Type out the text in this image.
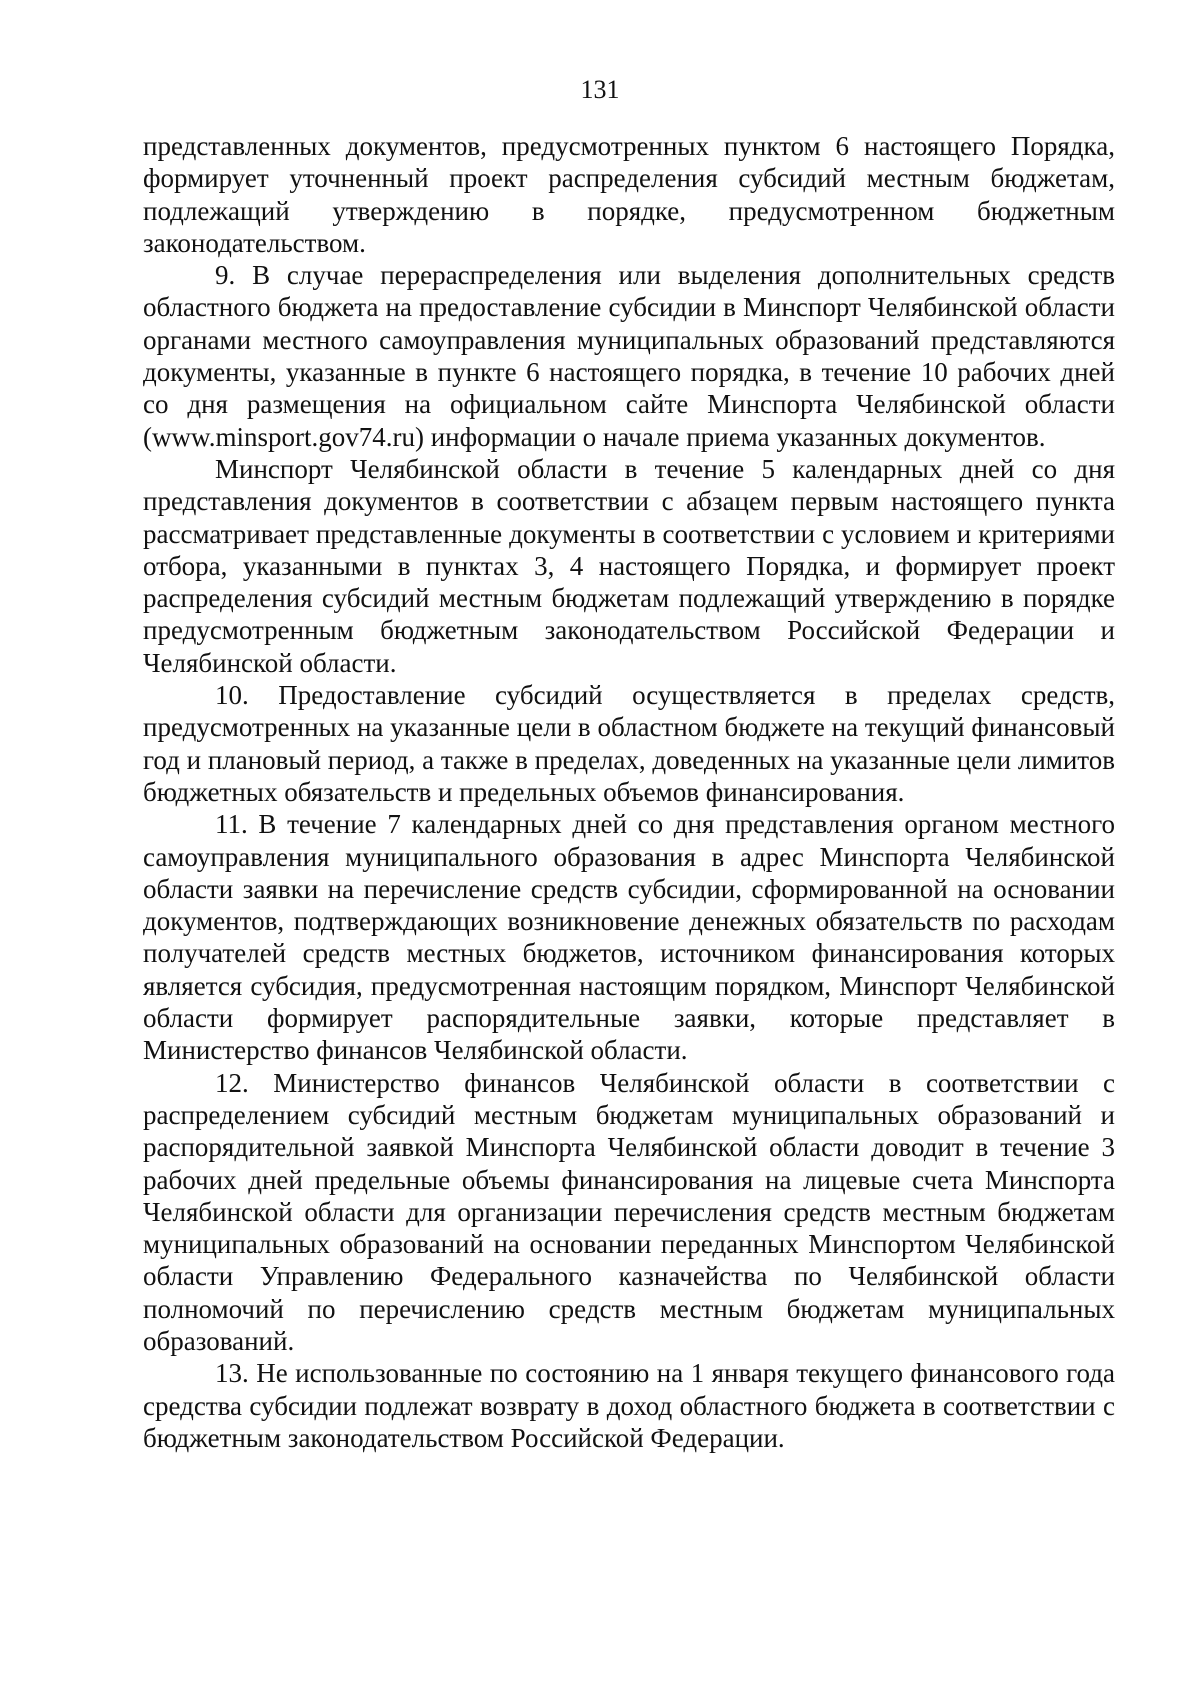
131

представленных документов, предусмотренных пунктом 6 настоящего Порядка, формирует уточненный проект распределения субсидий местным бюджетам, подлежащий утверждению в порядке, предусмотренном бюджетным законодательством.

9. В случае перераспределения или выделения дополнительных средств областного бюджета на предоставление субсидии в Минспорт Челябинской области органами местного самоуправления муниципальных образований представляются документы, указанные в пункте 6 настоящего порядка, в течение 10 рабочих дней со дня размещения на официальном сайте Минспорта Челябинской области (www.minsport.gov74.ru) информации о начале приема указанных документов.

Минспорт Челябинской области в течение 5 календарных дней со дня представления документов в соответствии с абзацем первым настоящего пункта рассматривает представленные документы в соответствии с условием и критериями отбора, указанными в пунктах 3, 4 настоящего Порядка, и формирует проект распределения субсидий местным бюджетам подлежащий утверждению в порядке предусмотренным бюджетным законодательством Российской Федерации и Челябинской области.

10. Предоставление субсидий осуществляется в пределах средств, предусмотренных на указанные цели в областном бюджете на текущий финансовый год и плановый период, а также в пределах, доведенных на указанные цели лимитов бюджетных обязательств и предельных объемов финансирования.

11. В течение 7 календарных дней со дня представления органом местного самоуправления муниципального образования в адрес Минспорта Челябинской области заявки на перечисление средств субсидии, сформированной на основании документов, подтверждающих возникновение денежных обязательств по расходам получателей средств местных бюджетов, источником финансирования которых является субсидия, предусмотренная настоящим порядком, Минспорт Челябинской области формирует распорядительные заявки, которые представляет в Министерство финансов Челябинской области.

12. Министерство финансов Челябинской области в соответствии с распределением субсидий местным бюджетам муниципальных образований и распорядительной заявкой Минспорта Челябинской области доводит в течение 3 рабочих дней предельные объемы финансирования на лицевые счета Минспорта Челябинской области для организации перечисления средств местным бюджетам муниципальных образований на основании переданных Минспортом Челябинской области Управлению Федерального казначейства по Челябинской области полномочий по перечислению средств местным бюджетам муниципальных образований.

13. Не использованные по состоянию на 1 января текущего финансового года средства субсидии подлежат возврату в доход областного бюджета в соответствии с бюджетным законодательством Российской Федерации.
